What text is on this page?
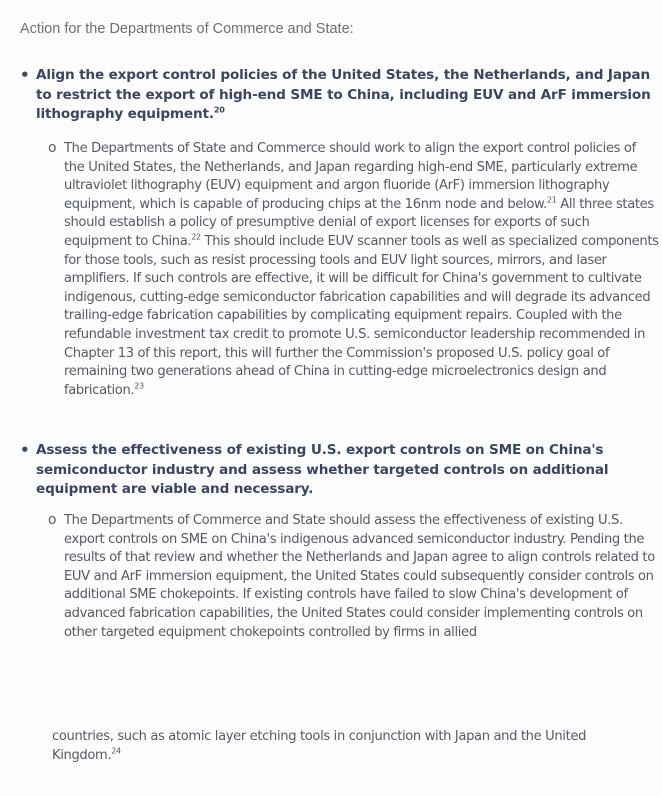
Action for the Departments of Commerce and State:
• Align the export control policies of the United States, the Netherlands, and Japan to restrict the export of high-end SME to China, including EUV and ArF immersion lithography equipment.$^{20}$
o The Departments of State and Commerce should work to align the export control policies of the United States, the Netherlands, and Japan regarding high-end SME, particularly extreme ultraviolet lithography (EUV) equipment and argon fluoride (ArF) immersion lithography equipment, which is capable of producing chips at the 16nm node and below.$^{21}$ All three states should establish a policy of presumptive denial of export licenses for exports of such equipment to China.$^{22}$ This should include EUV scanner tools as well as specialized components for those tools, such as resist processing tools and EUV light sources, mirrors, and laser amplifiers. If such controls are effective, it will be difficult for China's government to cultivate indigenous, cutting-edge semiconductor fabrication capabilities and will degrade its advanced trailing-edge fabrication capabilities by complicating equipment repairs. Coupled with the refundable investment tax credit to promote U.S. semiconductor leadership recommended in Chapter 13 of this report, this will further the Commission's proposed U.S. policy goal of remaining two generations ahead of China in cutting-edge microelectronics design and fabrication.$^{23}$
• Assess the effectiveness of existing U.S. export controls on SME on China's semiconductor industry and assess whether targeted controls on additional equipment are viable and necessary.
o The Departments of Commerce and State should assess the effectiveness of existing U.S. export controls on SME on China's indigenous advanced semiconductor industry. Pending the results of that review and whether the Netherlands and Japan agree to align controls related to EUV and ArF immersion equipment, the United States could subsequently consider controls on additional SME chokepoints. If existing controls have failed to slow China's development of advanced fabrication capabilities, the United States could consider implementing controls on other targeted equipment chokepoints controlled by firms in allied
countries, such as atomic layer etching tools in conjunction with Japan and the United Kingdom.$^{24}$
